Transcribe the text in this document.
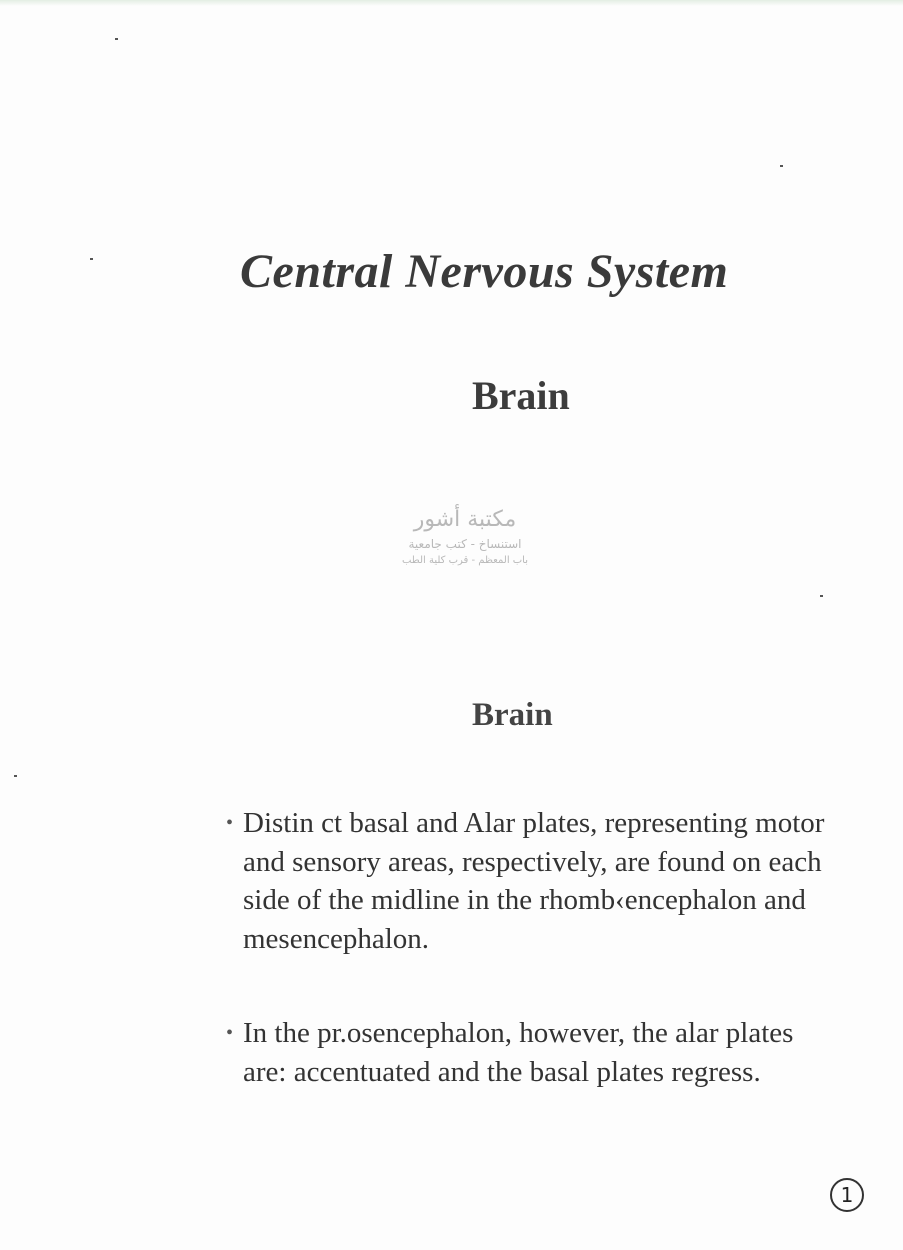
Central Nervous System
Brain
مكتبة أشور
استنساخ - كتب جامعية
باب المعظم - قرب كلية الطب
Brain
• Distin ct basal and Alar plates, representing motor and sensory areas, respectively, are found on each side of the midline in the rhomb‹encephalon and mesencephalon.
• In the pr.osencephalon, however, the alar plates are: accentuated and the basal plates regress.
1
